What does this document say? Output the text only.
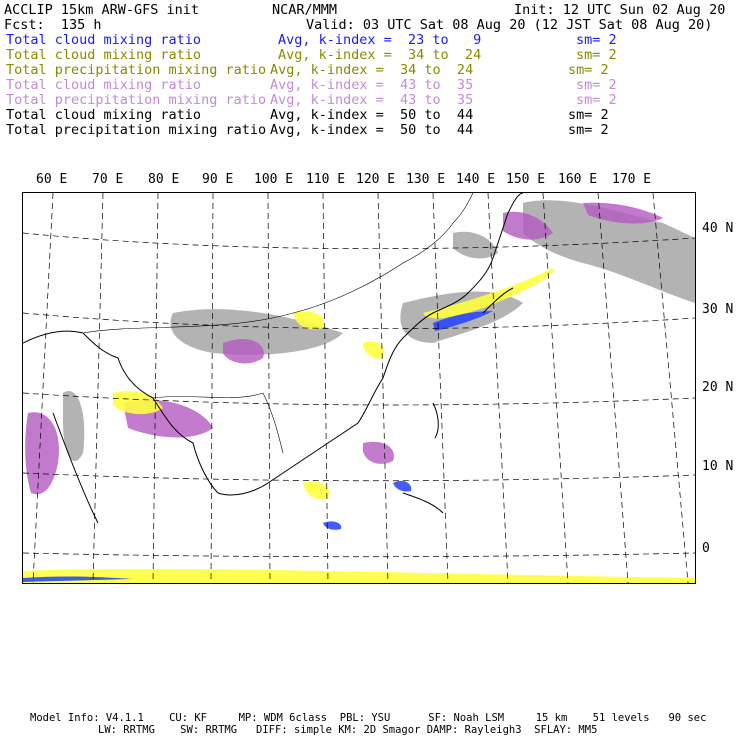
ACCLIP 15km ARW-GFS init	NCAR/MMM	Init: 12 UTC Sun 02 Aug 20
Fcst:  135 h	Valid: 03 UTC Sat 08 Aug 20 (12 JST Sat 08 Aug 20)
Total cloud mixing ratio	Avg, k-index =  23 to   9	sm= 2
Total cloud mixing ratio	Avg, k-index =  34 to  24	sm= 2
Total precipitation mixing ratio Avg, k-index =  34 to  24	sm= 2
Total cloud mixing ratio	Avg, k-index =  43 to  35	sm= 2
Total precipitation mixing ratio Avg, k-index =  43 to  35	sm= 2
Total cloud mixing ratio	Avg, k-index =  50 to  44	sm= 2
Total precipitation mixing ratio Avg, k-index =  50 to  44	sm= 2
60 E 70 E 80 E 90 E 100 E 110 E 120 E 130 E 140 E 150 E 160 E 170 E
40 N
30 N
20 N
10 N
0
Model Info: V4.1.1    CU: KF     MP: WDM 6class  PBL: YSU      SF: Noah LSM     15 km    51 levels   90 sec
LW: RRTMG    SW: RRTMG   DIFF: simple KM: 2D Smagor DAMP: Rayleigh3  SFLAY: MM5
